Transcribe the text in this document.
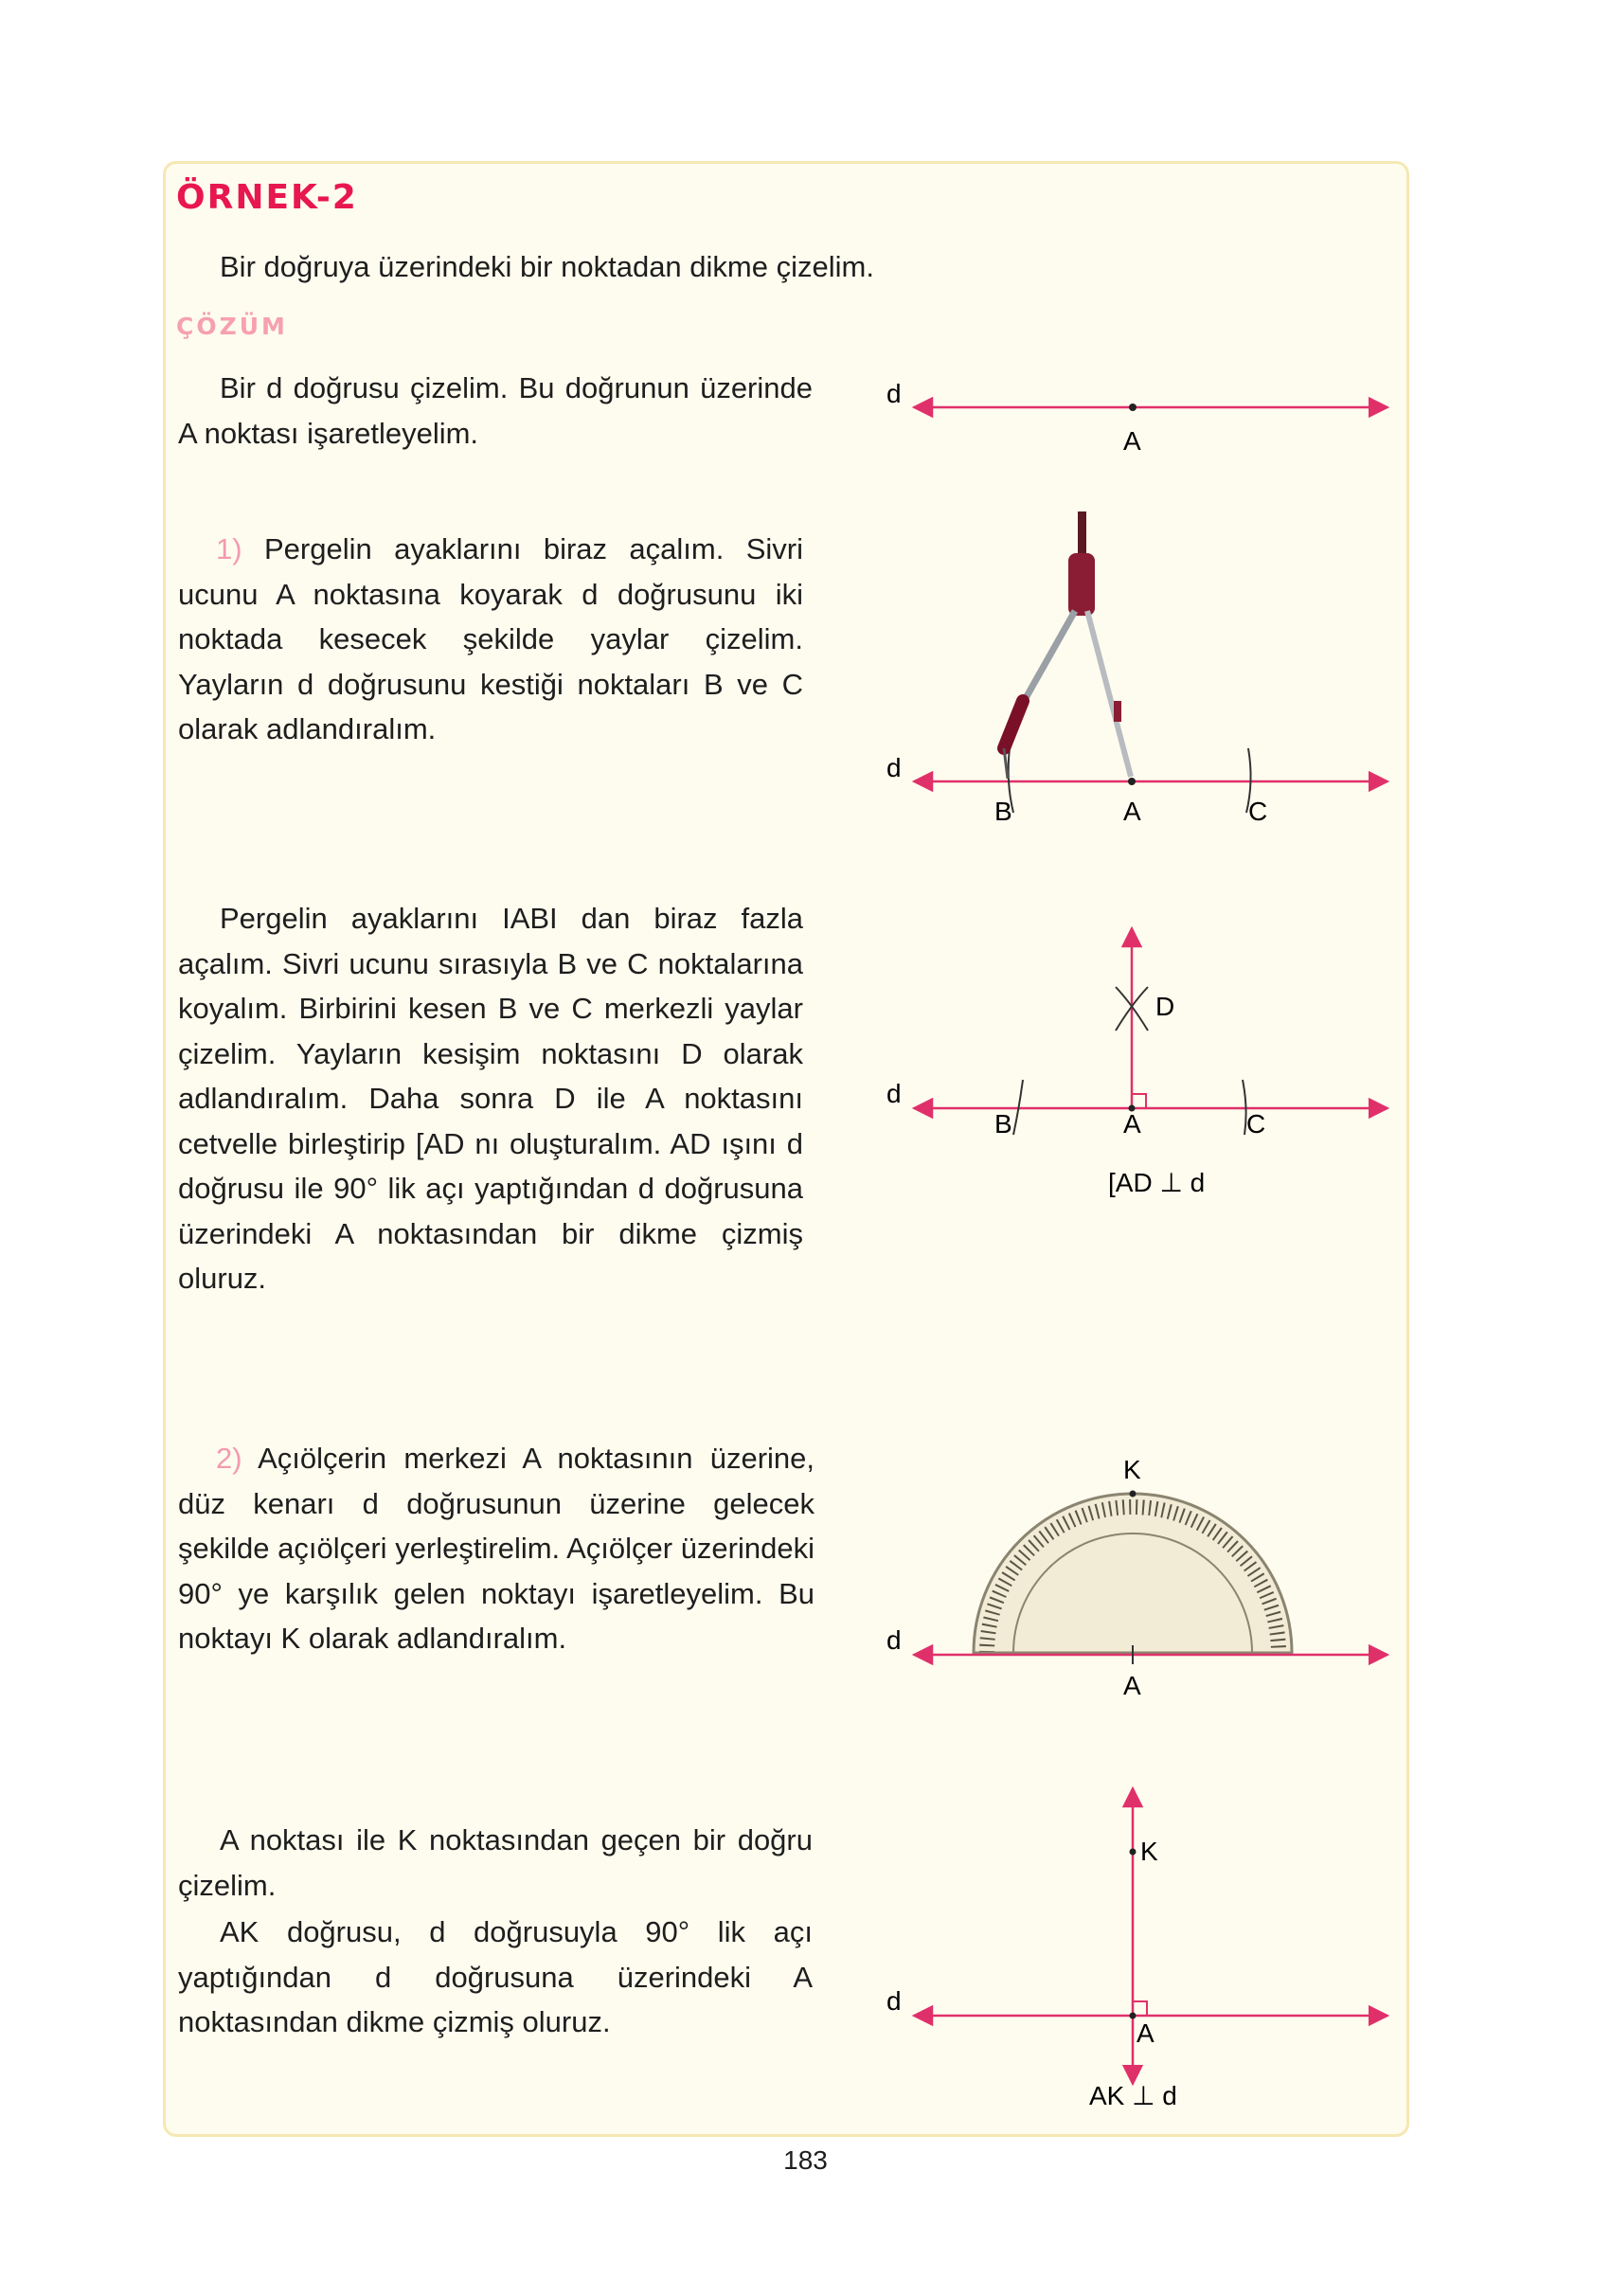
ÖRNEK-2

Bir doğruya üzerindeki bir noktadan dikme çizelim.

ÇÖZÜM

Bir d doğrusu çizelim. Bu doğrunun üzerinde A noktası işaretleyelim.

1) Pergelin ayaklarını biraz açalım. Sivri ucunu A noktasına koyarak d doğrusunu iki noktada kesecek şekilde yaylar çizelim. Yayların d doğrusunu kestiği noktaları B ve C olarak adlandıralım.

Pergelin ayaklarını IABI dan biraz fazla açalım. Sivri ucunu sırasıyla B ve C noktalarına koyalım. Birbirini kesen B ve C merkezli yaylar çizelim. Yayların kesişim noktasını D olarak adlandıralım. Daha sonra D ile A noktasını cetvelle birleştirip [AD nı oluşturalım. AD ışını d doğrusu ile 90° lik açı yaptığından d doğrusuna üzerindeki A noktasından bir dikme çizmiş oluruz.

2) Açıölçerin merkezi A noktasının üzerine, düz kenarı d doğrusunun üzerine gelecek şekilde açıölçeri yerleştirelim. Açıölçer üzerindeki 90° ye karşılık gelen noktayı işaretleyelim. Bu noktayı K olarak adlandıralım.

A noktası ile K noktasından geçen bir doğru çizelim.

AK doğrusu, d doğrusuyla 90° lik açı yaptığından d doğrusuna üzerindeki A noktasından dikme çizmiş oluruz.

d
A
d
B	A	C
d
D
B	A	C
[AD ⊥ d
d
K
A
d
K
A
AK ⊥ d
183
